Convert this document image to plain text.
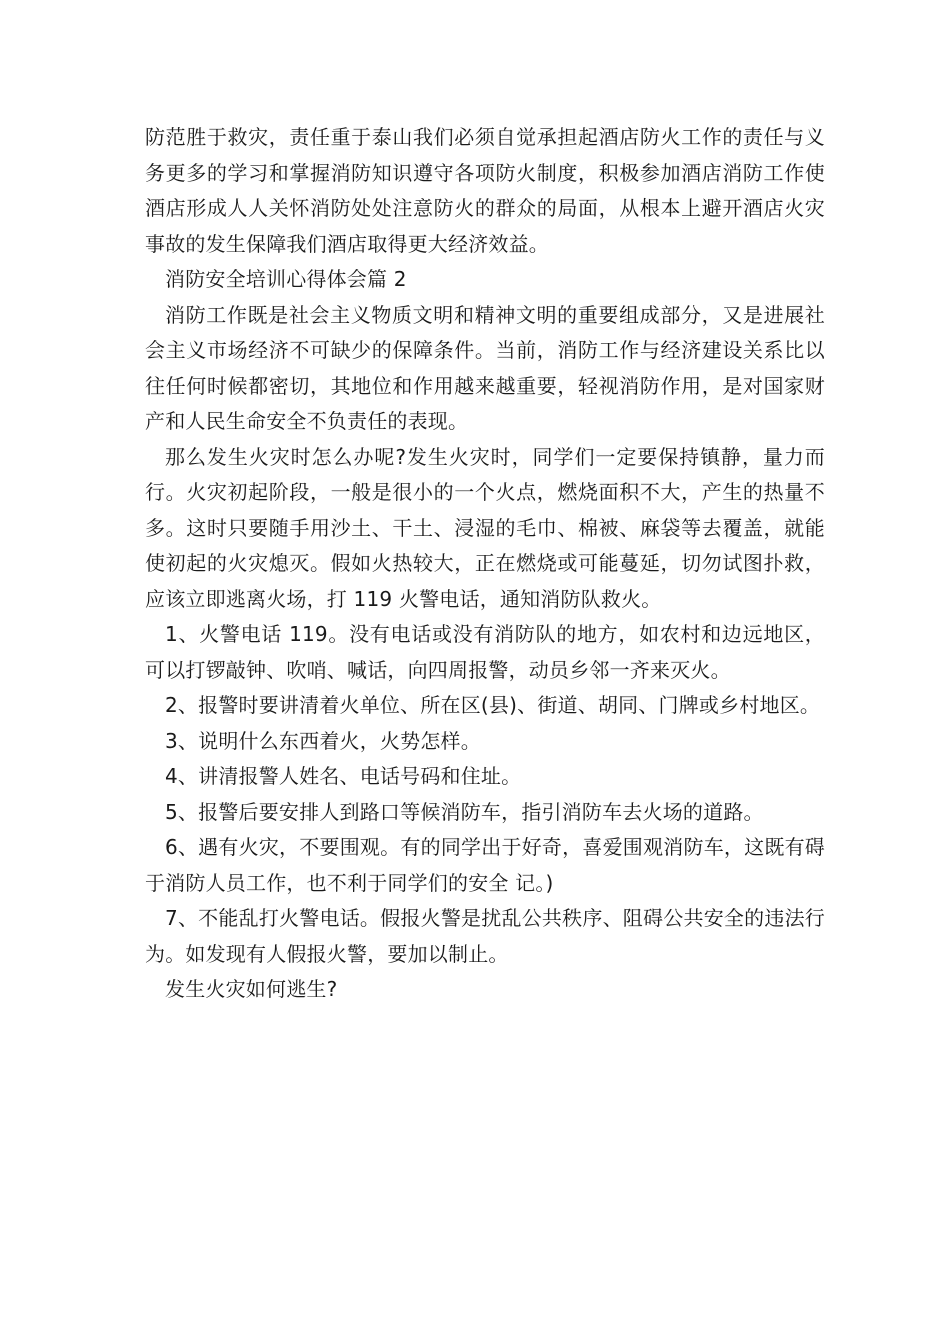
防范胜于救灾，责任重于泰山我们必须自觉承担起酒店防火工作的责任与义务更多的学习和掌握消防知识遵守各项防火制度，积极参加酒店消防工作使酒店形成人人关怀消防处处注意防火的群众的局面，从根本上避开酒店火灾事故的发生保障我们酒店取得更大经济效益。

消防安全培训心得体会篇 2

消防工作既是社会主义物质文明和精神文明的重要组成部分，又是进展社会主义市场经济不可缺少的保障条件。当前，消防工作与经济建设关系比以往任何时候都密切，其地位和作用越来越重要，轻视消防作用，是对国家财产和人民生命安全不负责任的表现。

那么发生火灾时怎么办呢?发生火灾时，同学们一定要保持镇静，量力而行。火灾初起阶段，一般是很小的一个火点，燃烧面积不大，产生的热量不多。这时只要随手用沙土、干土、浸湿的毛巾、棉被、麻袋等去覆盖，就能使初起的火灾熄灭。假如火热较大，正在燃烧或可能蔓延，切勿试图扑救，应该立即逃离火场，打 119 火警电话，通知消防队救火。

1、火警电话 119。没有电话或没有消防队的地方，如农村和边远地区，可以打锣敲钟、吹哨、喊话，向四周报警，动员乡邻一齐来灭火。

2、报警时要讲清着火单位、所在区(县)、街道、胡同、门牌或乡村地区。

3、说明什么东西着火，火势怎样。

4、讲清报警人姓名、电话号码和住址。

5、报警后要安排人到路口等候消防车，指引消防车去火场的道路。

6、遇有火灾，不要围观。有的同学出于好奇，喜爱围观消防车，这既有碍于消防人员工作，也不利于同学们的安全 记。)

7、不能乱打火警电话。假报火警是扰乱公共秩序、阻碍公共安全的违法行为。如发现有人假报火警，要加以制止。

发生火灾如何逃生?
